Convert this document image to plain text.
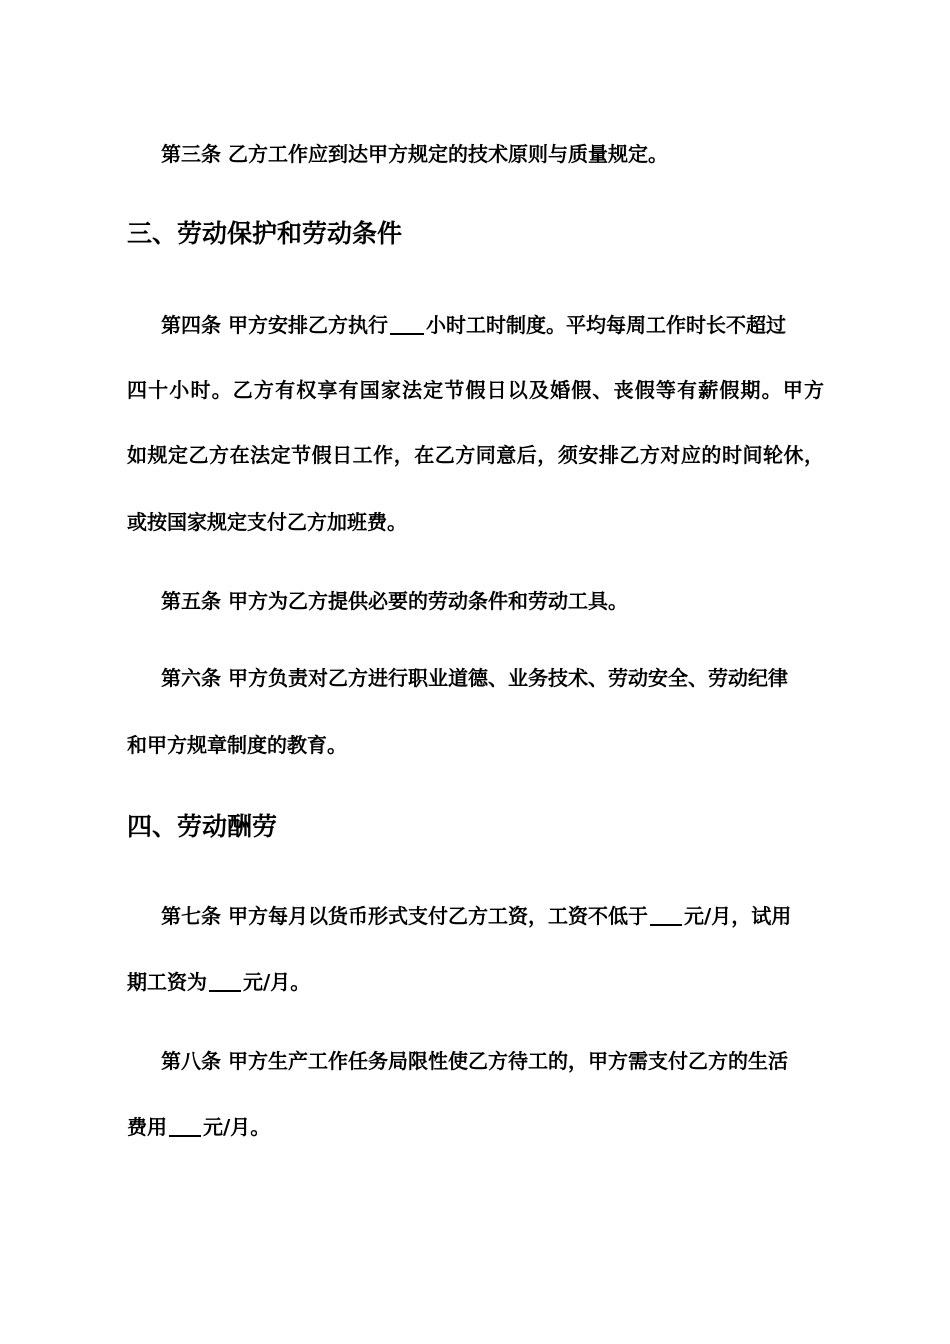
第三条 乙方工作应到达甲方规定的技术原则与质量规定。
三、劳动保护和劳动条件
第四条 甲方安排乙方执行 小时工时制度。平均每周工作时长不超过
四十小时。乙方有权享有国家法定节假日以及婚假、丧假等有薪假期。甲方
如规定乙方在法定节假日工作，在乙方同意后，须安排乙方对应的时间轮休，
或按国家规定支付乙方加班费。
第五条 甲方为乙方提供必要的劳动条件和劳动工具。
第六条 甲方负责对乙方进行职业道德、业务技术、劳动安全、劳动纪律
和甲方规章制度的教育。
四、劳动酬劳
第七条 甲方每月以货币形式支付乙方工资，工资不低于 元/月，试用
期工资为 元/月。
第八条 甲方生产工作任务局限性使乙方待工的，甲方需支付乙方的生活
费用 元/月。
